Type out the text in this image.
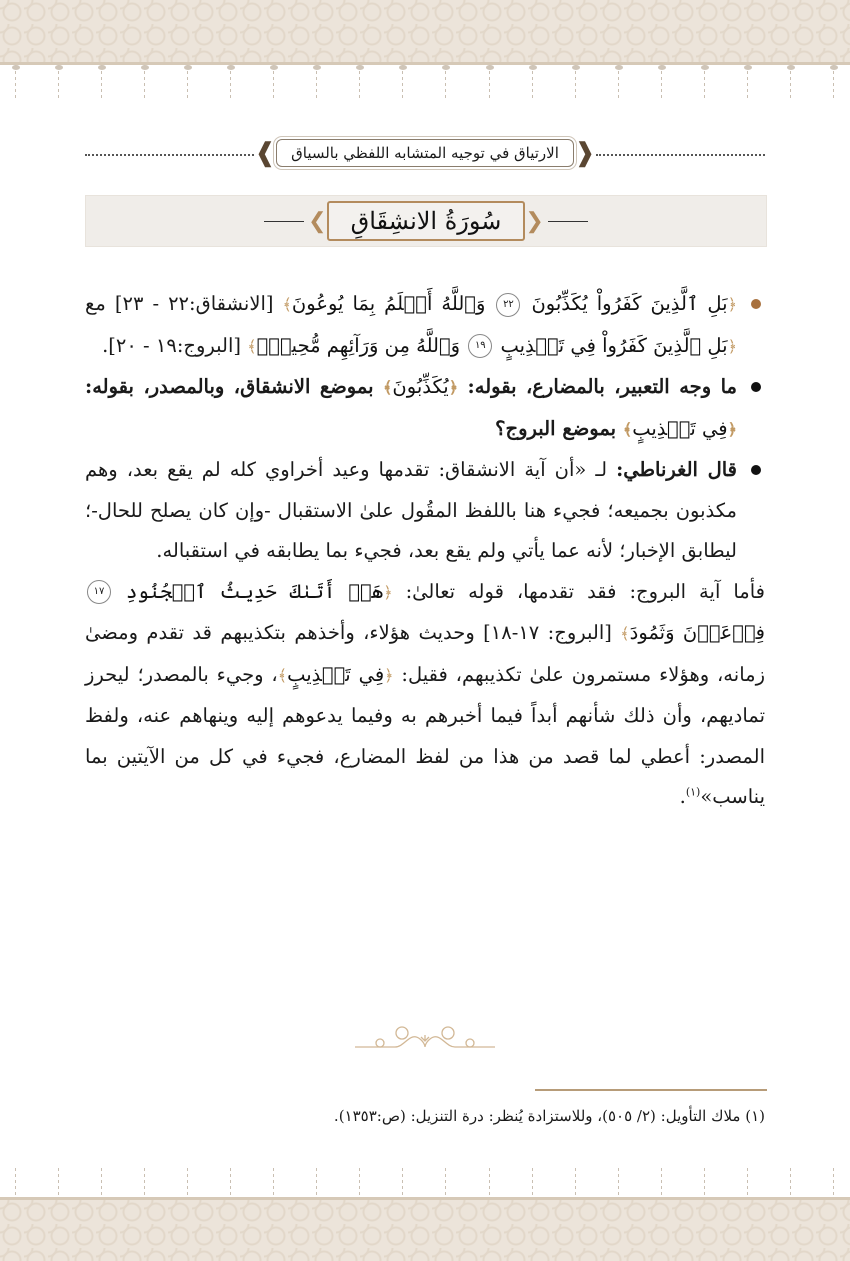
❰	الارتياق في توجيه المتشابه اللفظي بالسياق ❱
❮	سُورَةُ الانشِقَاقِ	❯

﴿بَلِ ٱلَّذِينَ كَفَرُواْ يُكَذِّبُونَ ٢٢ وَٱللَّهُ أَعۡلَمُ بِمَا يُوعُونَ﴾ [الانشقاق:٢٢ - ٢٣] مع ﴿بَلِ ٱلَّذِينَ كَفَرُواْ فِي تَكۡذِيبٍ ١٩ وَٱللَّهُ مِن وَرَآئِهِم مُّحِيطُۢ﴾ [البروج:١٩ - ٢٠].

ما وجه التعبير، بالمضارع، بقوله: ﴿يُكَذِّبُونَ﴾ بموضع الانشقاق، وبالمصدر، بقوله: ﴿فِي تَكۡذِيبٍ﴾ بموضع البروج؟

قال الغرناطي: لـ «أن آية الانشقاق: تقدمها وعيد أخراوي كله لم يقع بعد، وهم مكذبون بجميعه؛ فجيء هنا باللفظ المقُول علىٰ الاستقبال -وإن كان يصلح للحال-؛ ليطابق الإخبار؛ لأنه عما يأتي ولم يقع بعد، فجيء بما يطابقه في استقباله.

فأما آية البروج: فقد تقدمها، قوله تعالىٰ: ﴿هَلۡ أَتَىٰكَ حَدِيثُ ٱلۡجُنُودِ ١٧ فِرۡعَوۡنَ وَثَمُودَ﴾ [البروج: ١٧-١٨] وحديث هؤلاء، وأخذهم بتكذيبهم قد تقدم ومضىٰ زمانه، وهؤلاء مستمرون علىٰ تكذيبهم، فقيل: ﴿فِي تَكۡذِيبٍ﴾، وجيء بالمصدر؛ ليحرز تماديهم، وأن ذلك شأنهم أبداً فيما أخبرهم به وفيما يدعوهم إليه وينهاهم عنه، ولفظ المصدر: أعطي لما قصد من هذا من لفظ المضارع، فجيء في كل من الآيتين بما يناسب»$^{(١)}$.

(١) ملاك التأويل: (٢/ ٥٠٥)، وللاستزادة يُنظر: درة التنزيل: (ص:١٣٥٣).
